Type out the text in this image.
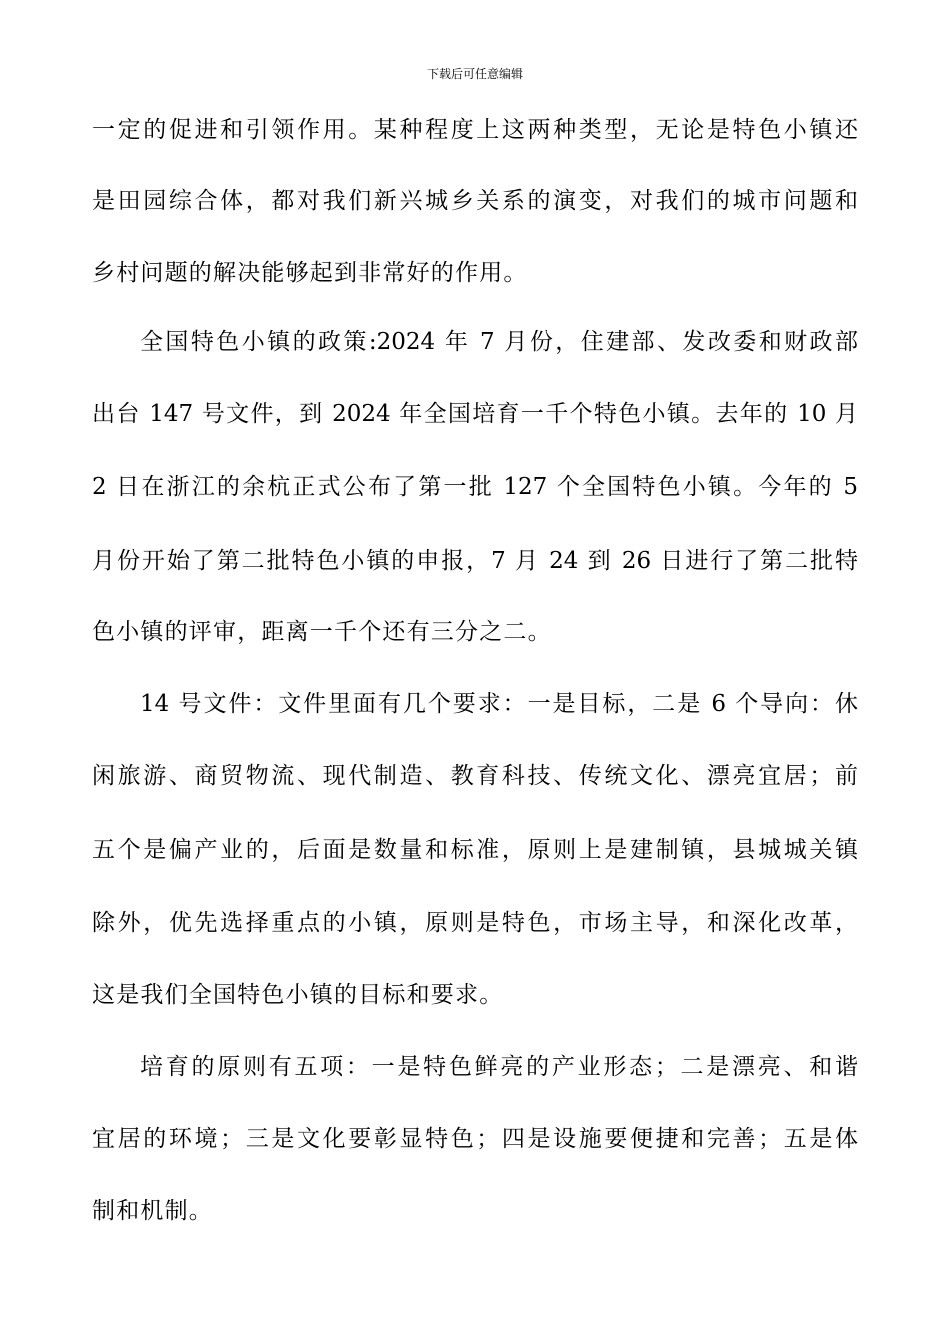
下载后可任意编辑
一定的促进和引领作用。某种程度上这两种类型，无论是特色小镇还
是田园综合体，都对我们新兴城乡关系的演变，对我们的城市问题和
乡村问题的解决能够起到非常好的作用。
全国特色小镇的政策:2024 年 7 月份，住建部、发改委和财政部
出台 147 号文件，到 2024 年全国培育一千个特色小镇。去年的 10 月
2 日在浙江的余杭正式公布了第一批 127 个全国特色小镇。今年的 5
月份开始了第二批特色小镇的申报，7 月 24 到 26 日进行了第二批特
色小镇的评审，距离一千个还有三分之二。
14 号文件：文件里面有几个要求：一是目标，二是 6 个导向：休
闲旅游、商贸物流、现代制造、教育科技、传统文化、漂亮宜居；前
五个是偏产业的，后面是数量和标准，原则上是建制镇，县城城关镇
除外，优先选择重点的小镇，原则是特色，市场主导，和深化改革，
这是我们全国特色小镇的目标和要求。
培育的原则有五项：一是特色鲜亮的产业形态；二是漂亮、和谐
宜居的环境；三是文化要彰显特色；四是设施要便捷和完善；五是体
制和机制。
